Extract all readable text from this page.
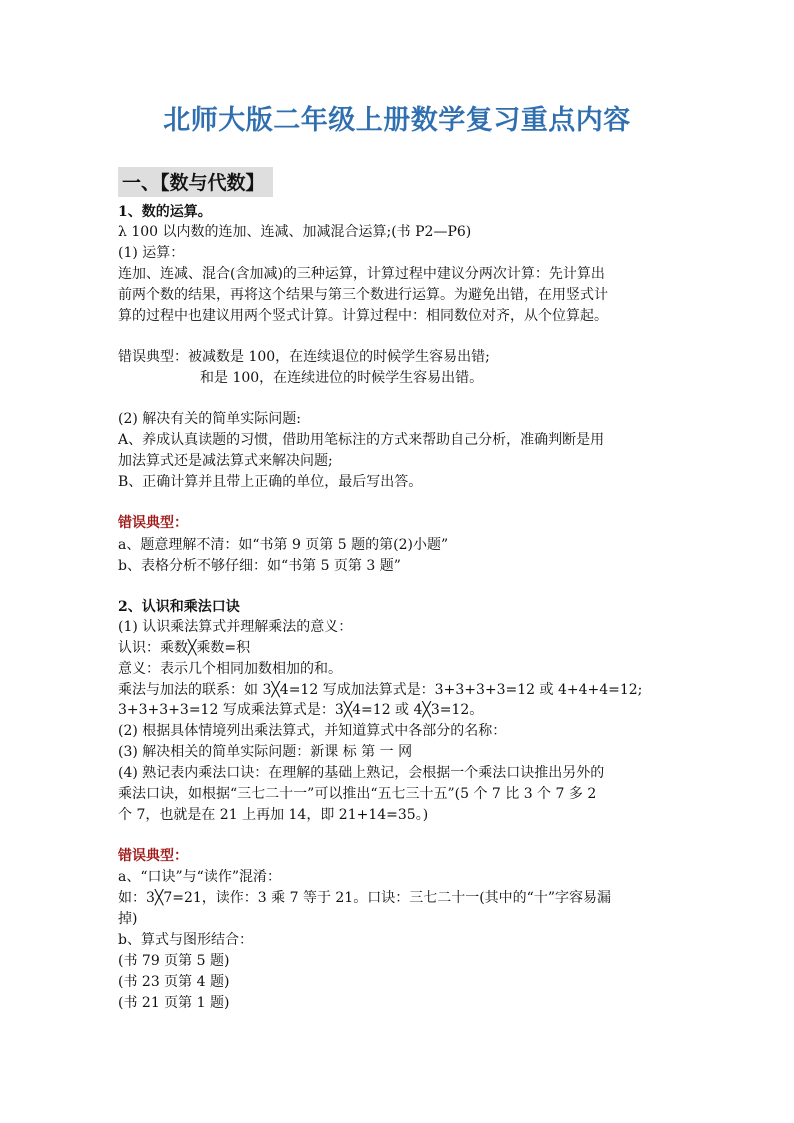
北师大版二年级上册数学复习重点内容
一、【数与代数】
1、数的运算。
λ 100 以内数的连加、连减、加减混合运算;(书 P2—P6)
(1) 运算：
连加、连减、混合(含加减)的三种运算，计算过程中建议分两次计算：先计算出
前两个数的结果，再将这个结果与第三个数进行运算。为避免出错，在用竖式计
算的过程中也建议用两个竖式计算。计算过程中：相同数位对齐，从个位算起。
错误典型：被减数是 100，在连续退位的时候学生容易出错;
和是 100，在连续进位的时候学生容易出错。
(2) 解决有关的简单实际问题:
A、养成认真读题的习惯，借助用笔标注的方式来帮助自己分析，准确判断是用
加法算式还是减法算式来解决问题;
B、正确计算并且带上正确的单位，最后写出答。
错误典型：
a、题意理解不清：如“书第 9 页第 5 题的第(2)小题”
b、表格分析不够仔细：如“书第 5 页第 3 题”
2、认识和乘法口诀
(1) 认识乘法算式并理解乘法的意义：
认识：乘数╳乘数=积
意义：表示几个相同加数相加的和。
乘法与加法的联系：如 3╳4=12 写成加法算式是：3+3+3+3=12 或 4+4+4=12;
3+3+3+3=12 写成乘法算式是：3╳4=12 或 4╳3=12。
(2) 根据具体情境列出乘法算式，并知道算式中各部分的名称：
(3) 解决相关的简单实际问题：新课 标 第 一 网
(4) 熟记表内乘法口诀：在理解的基础上熟记，会根据一个乘法口诀推出另外的
乘法口诀，如根据“三七二十一”可以推出“五七三十五”(5 个 7 比 3 个 7 多 2
个 7，也就是在 21 上再加 14，即 21+14=35。)
错误典型：
a、“口诀”与“读作”混淆：
如：3╳7=21，读作：3 乘 7 等于 21。口诀：三七二十一(其中的“十”字容易漏
掉)
b、算式与图形结合：
(书 79 页第 5 题)
(书 23 页第 4 题)
(书 21 页第 1 题)
